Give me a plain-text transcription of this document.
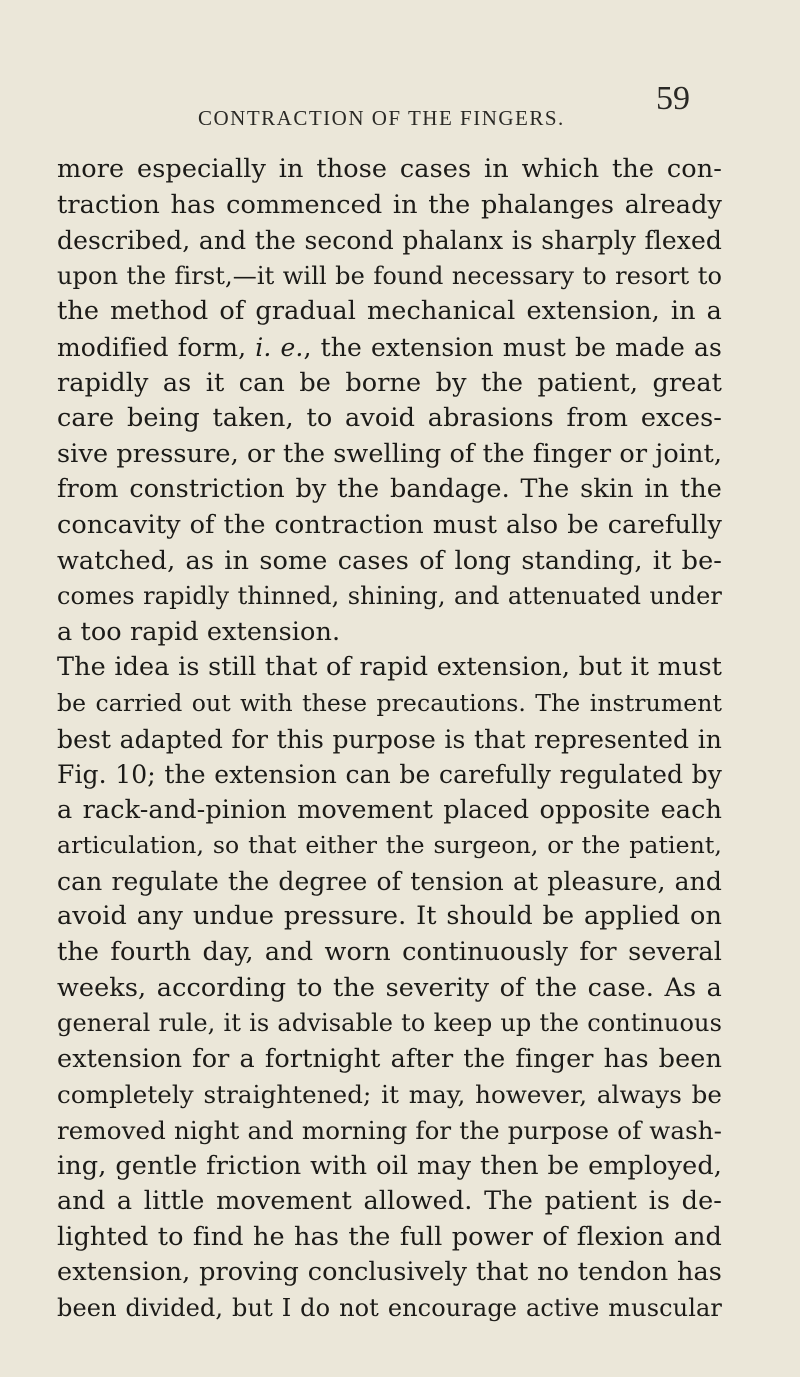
CONTRACTION OF THE FINGERS.
59
more especially in those cases in which the con-
traction has commenced in the phalanges already
described, and the second phalanx is sharply flexed
upon the first,—it will be found necessary to resort to
the method of gradual mechanical extension, in a
modified form, i. e., the extension must be made as
rapidly as it can be borne by the patient, great
care being taken, to avoid abrasions from exces-
sive pressure, or the swelling of the finger or joint,
from constriction by the bandage. The skin in the
concavity of the contraction must also be carefully
watched, as in some cases of long standing, it be-
comes rapidly thinned, shining, and attenuated under
a too rapid extension.
The idea is still that of rapid extension, but it must
be carried out with these precautions. The instrument
best adapted for this purpose is that represented in
Fig. 10; the extension can be carefully regulated by
a rack-and-pinion movement placed opposite each
articulation, so that either the surgeon, or the patient,
can regulate the degree of tension at pleasure, and
avoid any undue pressure. It should be applied on
the fourth day, and worn continuously for several
weeks, according to the severity of the case. As a
general rule, it is advisable to keep up the continuous
extension for a fortnight after the finger has been
completely straightened; it may, however, always be
removed night and morning for the purpose of wash-
ing, gentle friction with oil may then be employed,
and a little movement allowed. The patient is de-
lighted to find he has the full power of flexion and
extension, proving conclusively that no tendon has
been divided, but I do not encourage active muscular
